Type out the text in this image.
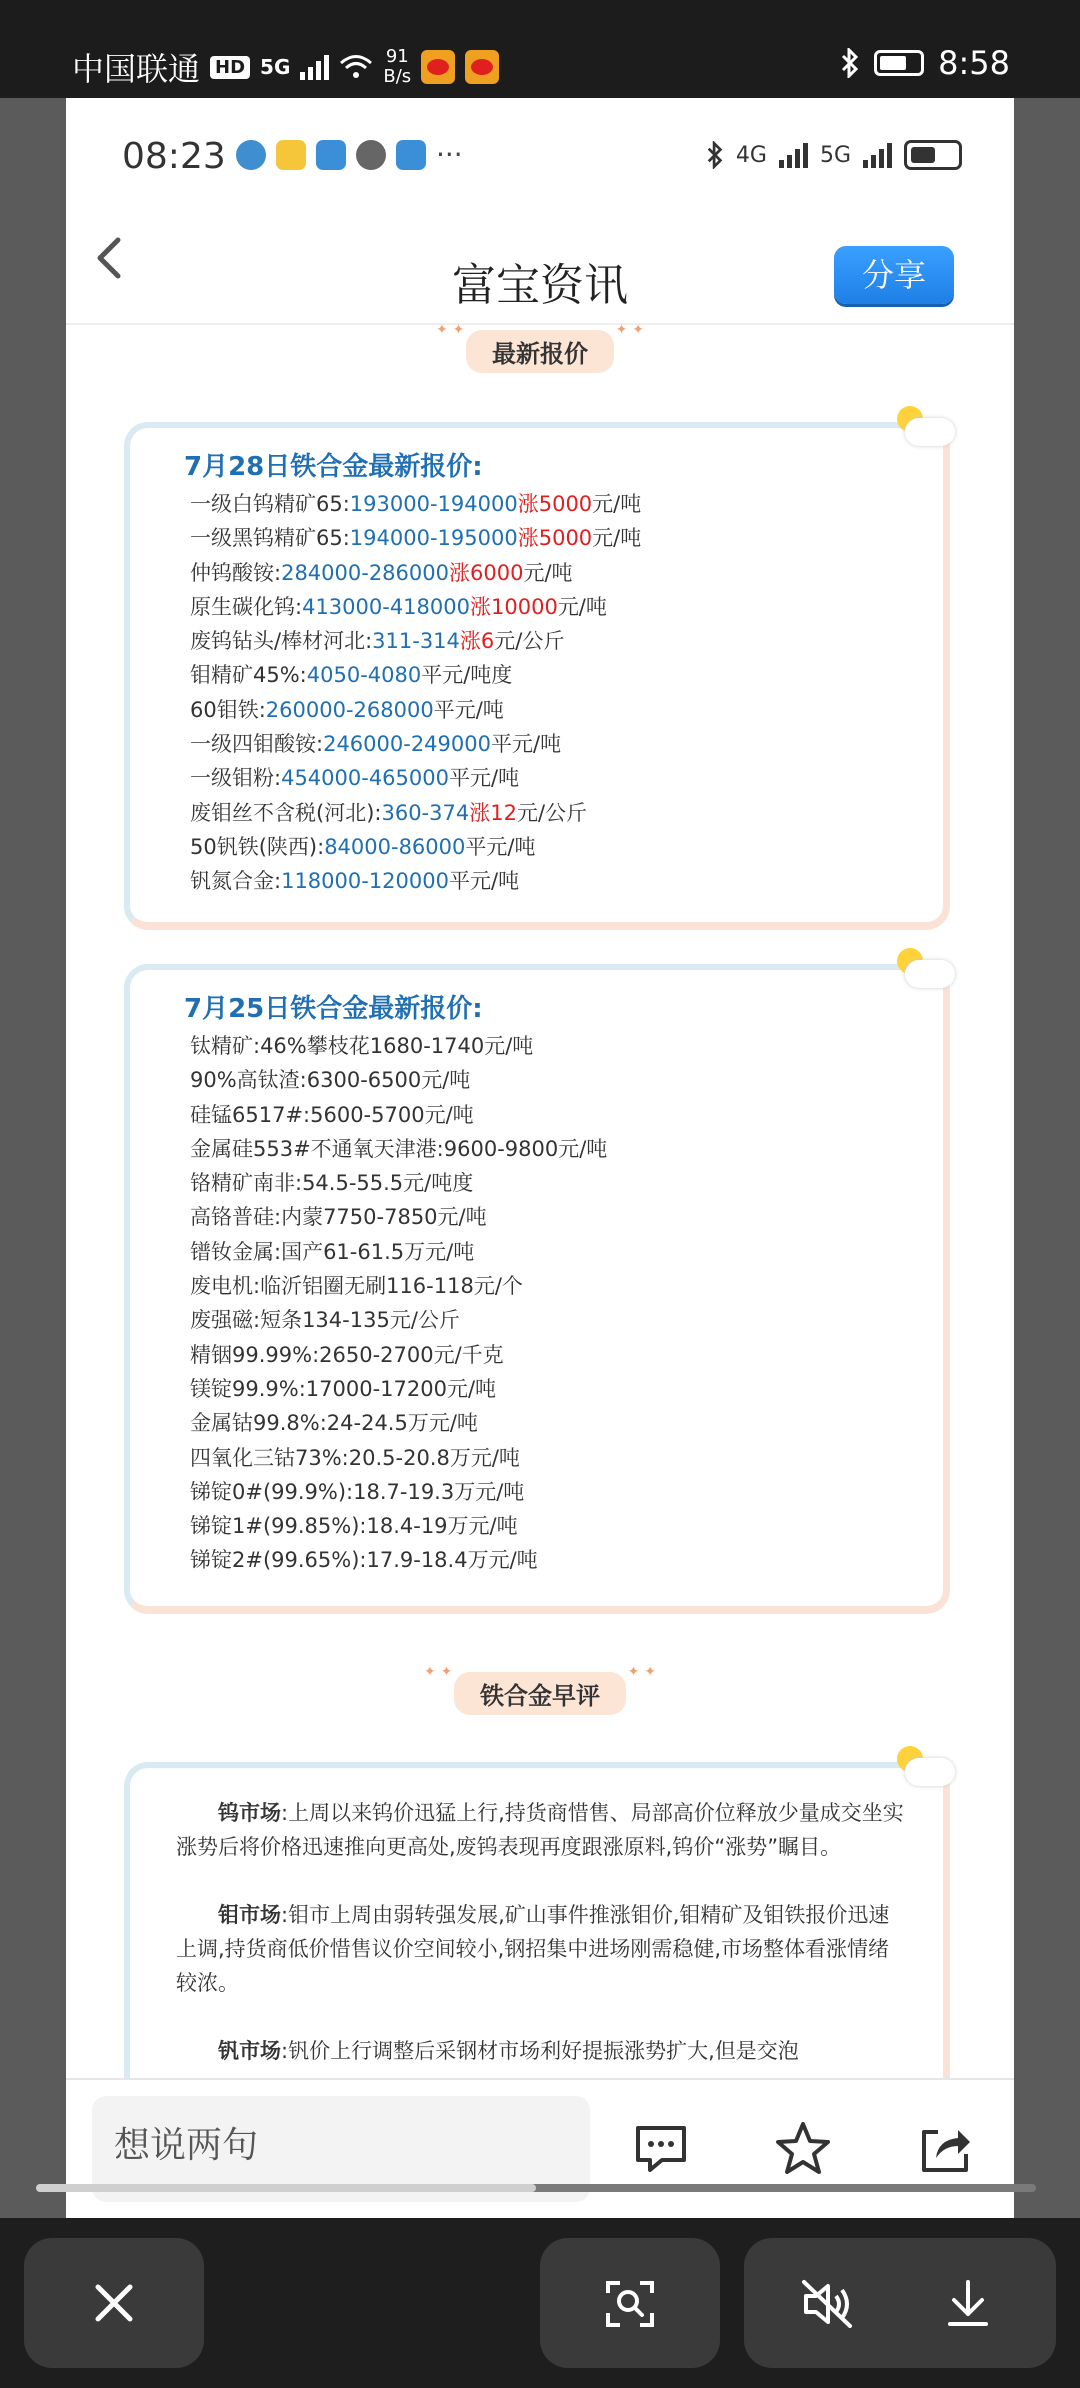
中国联通 HD 5G	91
B/s	8:58
08:23	···	4G 5G
富宝资讯	分享
✦ ✦ 最新报价 ✦ ✦
7月28日铁合金最新报价:
一级白钨精矿65:193000-194000涨5000元/吨
一级黑钨精矿65:194000-195000涨5000元/吨
仲钨酸铵:284000-286000涨6000元/吨
原生碳化钨:413000-418000涨10000元/吨
废钨钻头/棒材河北:311-314涨6元/公斤
钼精矿45%:4050-4080平元/吨度
60钼铁:260000-268000平元/吨
一级四钼酸铵:246000-249000平元/吨
一级钼粉:454000-465000平元/吨
废钼丝不含税(河北):360-374涨12元/公斤
50钒铁(陕西):84000-86000平元/吨
钒氮合金:118000-120000平元/吨
7月25日铁合金最新报价:
钛精矿:46%攀枝花1680-1740元/吨
90%高钛渣:6300-6500元/吨
硅锰6517#:5600-5700元/吨
金属硅553#不通氧天津港:9600-9800元/吨
铬精矿南非:54.5-55.5元/吨度
高铬普硅:内蒙7750-7850元/吨
镨钕金属:国产61-61.5万元/吨
废电机:临沂铝圈无刷116-118元/个
废强磁:短条134-135元/公斤
精铟99.99%:2650-2700元/千克
镁锭99.9%:17000-17200元/吨
金属钴99.8%:24-24.5万元/吨
四氧化三钴73%:20.5-20.8万元/吨
锑锭0#(99.9%):18.7-19.3万元/吨
锑锭1#(99.85%):18.4-19万元/吨
锑锭2#(99.65%):17.9-18.4万元/吨
✦ ✦ 铁合金早评 ✦ ✦
　　钨市场:上周以来钨价迅猛上行,持货商惜售、局部高价位释放少量成交坐实涨势后将价格迅速推向更高处,废钨表现再度跟涨原料,钨价“涨势”瞩目。
　　钼市场:钼市上周由弱转强发展,矿山事件推涨钼价,钼精矿及钼铁报价迅速上调,持货商低价惜售议价空间较小,钢招集中进场刚需稳健,市场整体看涨情绪较浓。
　　钒市场:钒价上行调整后采钢材市场利好提振涨势扩大,但是交泡
想说两句
